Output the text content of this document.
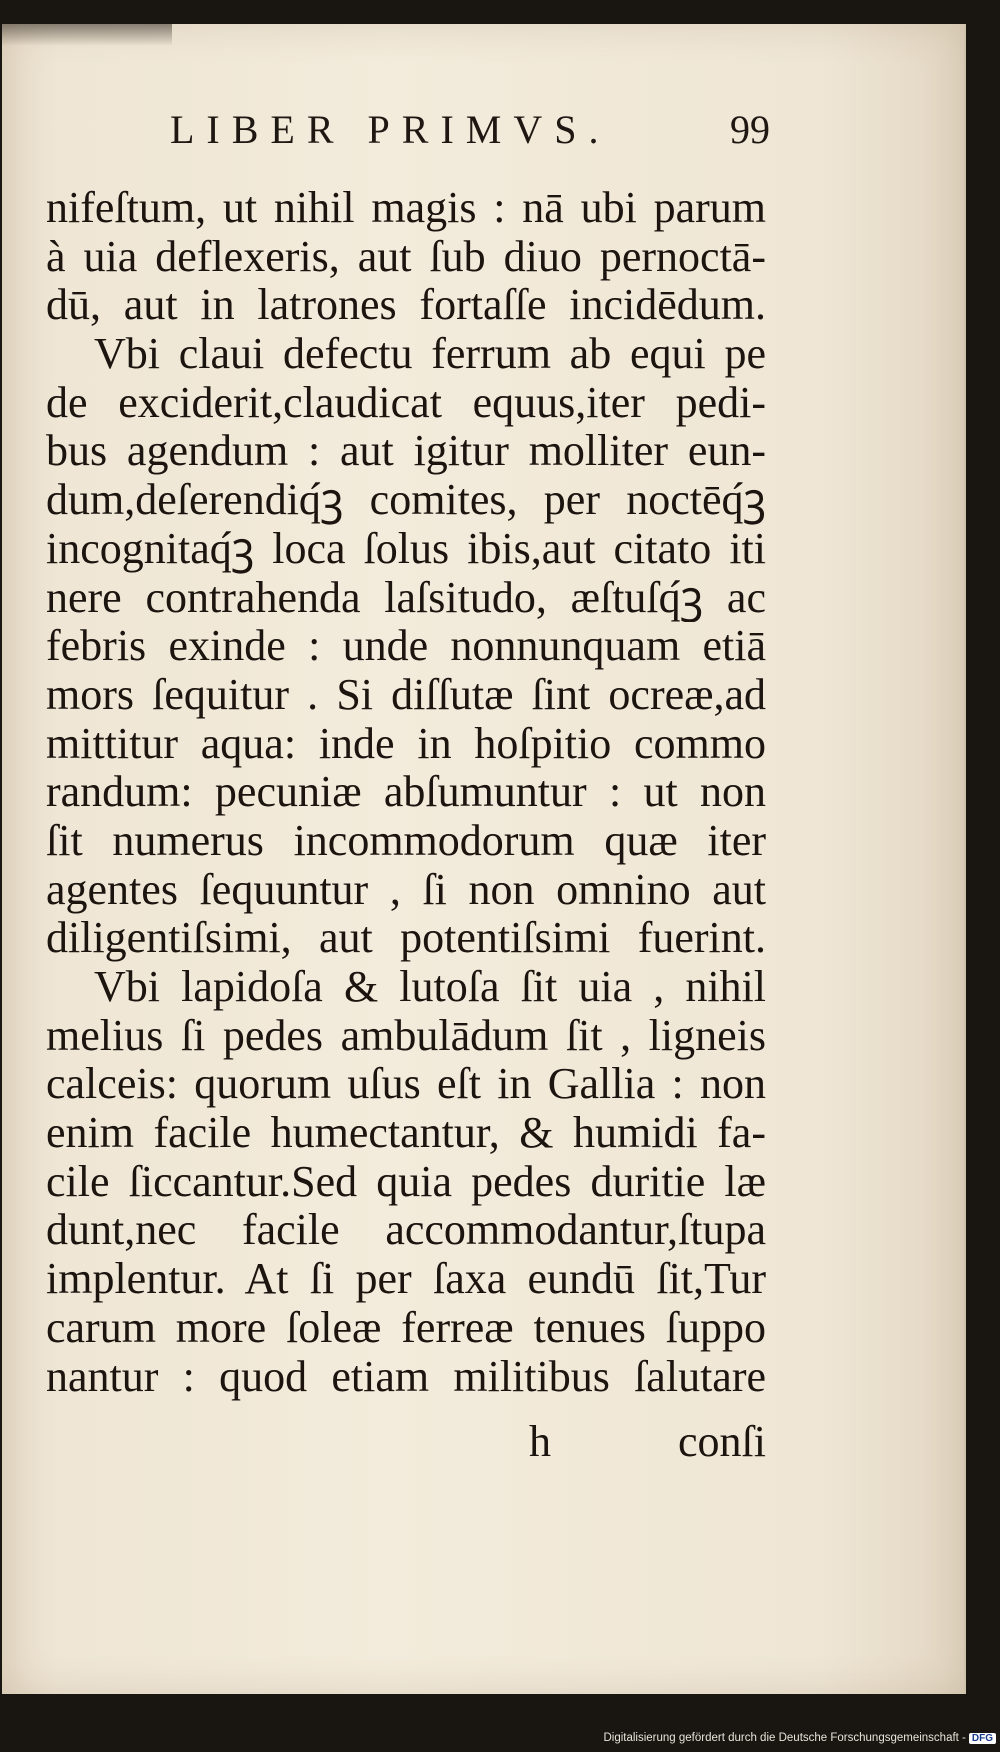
LIBER PRIMVS.	99
nifeſtum, ut nihil magis : nā ubi parum
à uia deflexeris, aut ſub diuo pernoctā-
dū, aut in latrones fortaſſe incidēdum.
Vbi claui defectu ferrum ab equi pe
de exciderit,claudicat equus,iter pedi-
bus agendum : aut igitur molliter eun-
dum,deſerendiq́ꝫ comites, per noctēq́ꝫ
incognitaq́ꝫ loca ſolus ibis,aut citato iti
nere contrahenda laſsitudo, æſtuſq́ꝫ ac
febris exinde : unde nonnunquam etiā
mors ſequitur . Si diſſutæ ſint ocreæ,ad
mittitur aqua: inde in hoſpitio commo
randum: pecuniæ abſumuntur : ut non
ſit numerus incommodorum quæ iter
agentes ſequuntur , ſi non omnino aut
diligentiſsimi, aut potentiſsimi fuerint.
Vbi lapidoſa & lutoſa ſit uia , nihil
melius ſi pedes ambulādum ſit , ligneis
calceis: quorum uſus eſt in Gallia : non
enim facile humectantur, & humidi fa-
cile ſiccantur.Sed quia pedes duritie læ
dunt,nec facile accommodantur,ſtupa
implentur. At ſi per ſaxa eundū ſit,Tur
carum more ſoleæ ferreæ tenues ſuppo
nantur : quod etiam militibus ſalutare
h	conſi
Digitalisierung gefördert durch die Deutsche Forschungsgemeinschaft - DFG
